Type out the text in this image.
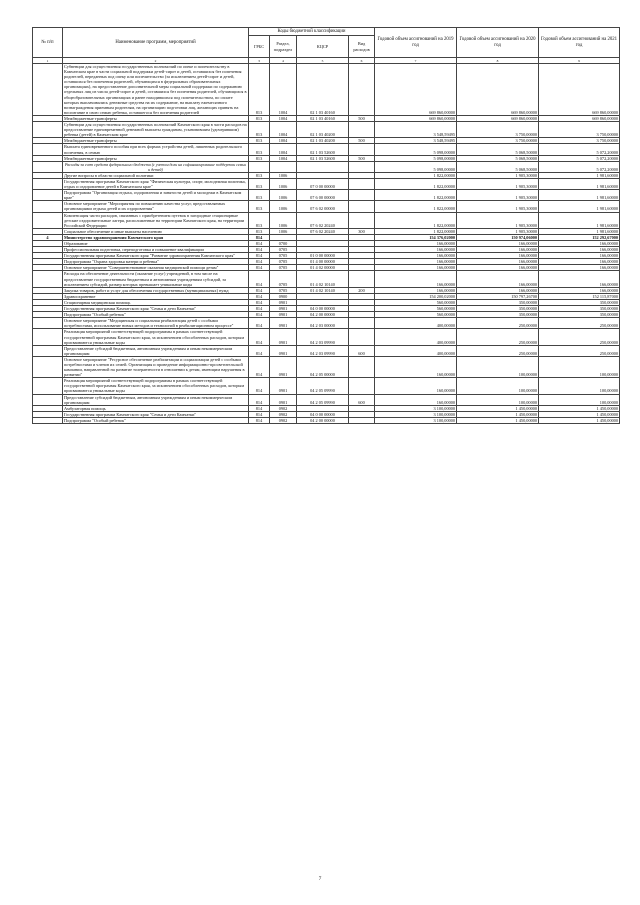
№ п/п	Наименование программ, мероприятий	Коды бюджетной классификации				Годовой объем ассигнований на 2019 год	Годовой объем ассигнований на 2020 год	Годовой объем ассигнований на 2021 год
		ГРБС	Раздел, подраздел	КЦСР	Вид расходов			
1	2	3	4	5	6	7	8	9
	Субвенции для осуществления государственных полномочий по опеке и попечительству в Камчатском крае в части социальной поддержки детей-сирот и детей, оставшихся без попечения родителей, переданных под опеку или попечительство (за исключением детей-сирот и детей, оставшихся без попечения родителей, обучающихся в федеральных образовательных организациях), на предоставление дополнительной меры социальной поддержки по содержанию отдельных лиц из числа детей-сирот и детей, оставшихся без попечения родителей, обучающихся в общеобразовательных организациях и ранее находившихся под попечительством, по оплате которых выплачивались денежные средства на их содержание, на выплату ежемесячного вознаграждения приемным родителям, на организацию подготовки лиц, желающих принять на воспитание в свою семью ребенка, оставшегося без попечения родителей	813	1004	02 1 03 40160		669 860,00000	669 860,00000	669 860,00000
	Межбюджетные трансферты	813	1004	02 1 03 40160	500	669 860,00000	669 860,00000	669 860,00000
	Субвенции для осуществления государственных полномочий Камчатского края в части расходов на предоставление единовременной денежной выплаты гражданам, усыновившим (удочерившим) ребенка (детей) в Камчатском крае	813	1004	02 1 03 40200		3 548,59495	3 750,00000	3 750,00000
	Межбюджетные трансферты	813	1004	02 1 03 40200	500	3 548,59495	3 750,00000	3 750,00000
	Выплата единовременного пособия при всех формах устройства детей, лишенных родительского попечения, в семью	813	1004	02 1 03 52600		5 098,00000	5 068,50000	5 072,20000
	Межбюджетные трансферты	813	1004	02 1 03 52600	500	5 098,00000	5 068,50000	5 072,20000
	Расходы за счет средств федерального бюджета (с учетом доли на софинансирование поддержки семьи и детей)					5 098,00000	5 068,50000	5 072,20000
	Другие вопросы в области социальной политики	813	1006			1 822,00000	1 905,30000	1 981,60000
	Государственная программа Камчатского края "Физическая культура, спорт, молодежная политика, отдых и оздоровление детей в Камчатском крае"	813	1006	07 0 00 00000		1 822,00000	1 905,30000	1 981,60000
	Подпрограмма "Организация отдыха, оздоровления и занятости детей и молодежи в Камчатском крае"	813	1006	07 6 00 00000		1 822,00000	1 905,30000	1 981,60000
	Основное мероприятие "Мероприятия по повышению качества услуг, предоставляемых организациями отдыха детей и их оздоровления"	813	1006	07 6 02 00000		1 822,00000	1 905,30000	1 981,60000
	Компенсация части расходов, связанных с приобретением путевок в загородные стационарные детские оздоровительные лагеря, расположенные на территории Камчатского края, на территории Российской Федерации	813	1006	07 6 02 20240		1 822,00000	1 905,30000	1 981,60000
	Социальное обеспечение и иные выплаты населению	813	1006	07 6 02 20240	300	1 822,00000	1 905,30000	1 981,60000
4	Министерство здравоохранения Камчатского края	814				154 376,02000	150 974,06000	152 292,67000
	Образование	814	0700			166,00000	166,00000	166,00000
	Профессиональная подготовка, переподготовка и повышение квалификации	814	0705			166,00000	166,00000	166,00000
	Государственная программа Камчатского края "Развитие здравоохранения Камчатского края"	814	0705	01 0 00 00000		166,00000	166,00000	166,00000
	Подпрограмма "Охрана здоровья матери и ребенка"	814	0705	01 4 00 00000		166,00000	166,00000	166,00000
	Основное мероприятие "Совершенствование оказания медицинской помощи детям"	814	0705	01 4 02 00000		166,00000	166,00000	166,00000
	Расходы на обеспечение деятельности (оказание услуг) учреждений, в том числе на предоставление государственным бюджетным и автономным учреждениям субсидий, за исключением субсидий, размер которых превышает уникальные коды	814	0705	01 4 02 10140		166,00000	166,00000	166,00000
	Закупка товаров, работ и услуг для обеспечения государственных (муниципальных) нужд	814	0705	01 4 02 10140	200	166,00000	166,00000	166,00000
	Здравоохранение	814	0900			154 200,02000	150 797,26700	152 115,87000
	Стационарная медицинская помощь	814	0901			560,00000	350,00000	350,00000
	Государственная программа Камчатского края "Семья и дети Камчатки"	814	0901	04 0 00 00000		560,00000	350,00000	350,00000
	Подпрограмма "Особый ребенок"	814	0901	04 2 00 00000		560,00000	350,00000	350,00000
	Основное мероприятие "Медицинская и социальная реабилитация детей с особыми потребностями, использование новых методов и технологий в реабилитационном процессе"	814	0901	04 2 03 00000		400,00000	250,00000	250,00000
	Реализация мероприятий соответствующей подпрограммы в рамках соответствующей государственной программы Камчатского края, за исключением обособленных расходов, которым присваиваются уникальные коды	814	0901	04 2 03 09990		400,00000	250,00000	250,00000
	Предоставление субсидий бюджетным, автономным учреждениям и иным некоммерческим организациям	814	0901	04 2 03 09990	600	400,00000	250,00000	250,00000
	Основное мероприятие "Ресурсное обеспечение реабилитации и социализации детей с особыми потребностями и членов их семей. Организация и проведение информационно-просветительской кампании, направленной на развитие толерантности в отношении к детям, имеющим нарушения в развитии"	814	0901	04 2 05 00000		160,00000	100,00000	100,00000
	Реализация мероприятий соответствующей подпрограммы в рамках соответствующей государственной программы Камчатского края, за исключением обособленных расходов, которым присваиваются уникальные коды	814	0901	04 2 05 09990		160,00000	100,00000	100,00000
	Предоставление субсидий бюджетным, автономным учреждениям и иным некоммерческим организациям	814	0901	04 2 05 09990	600	160,00000	100,00000	100,00000
	Амбулаторная помощь	814	0902			3 100,00000	1 450,00000	1 450,00000
	Государственная программа Камчатского края "Семья и дети Камчатки"	814	0902	04 0 00 00000		3 100,00000	1 450,00000	1 450,00000
	Подпрограмма "Особый ребенок"	814	0902	04 2 00 00000		3 100,00000	1 450,00000	1 450,00000
7
